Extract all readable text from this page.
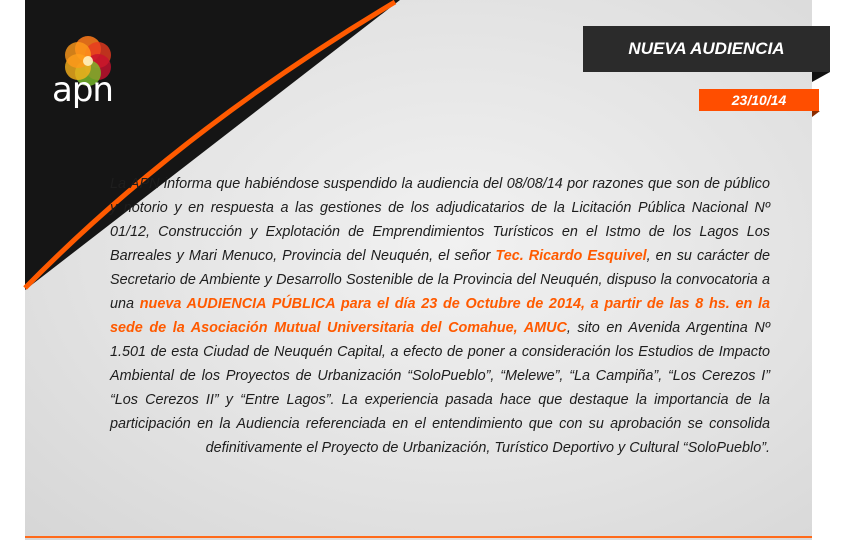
apn
NUEVA AUDIENCIA
23/10/14

La APN informa que habiéndose suspendido la audiencia del 08/08/14 por razones que son de público y notorio y en respuesta a las gestiones de los adjudicatarios de la Licitación Pública Nacional Nº 01/12, Construcción y Explotación de Emprendimientos Turísticos en el Istmo de los Lagos Los Barreales y Mari Menuco, Provincia del Neuquén, el señor Tec. Ricardo Esquivel, en su carácter de Secretario de Ambiente y Desarrollo Sostenible de la Provincia del Neuquén, dispuso la convocatoria a una nueva AUDIENCIA PÚBLICA para el día 23 de Octubre de 2014, a partir de las 8 hs. en la sede de la Asociación Mutual Universitaria del Comahue, AMUC, sito en Avenida Argentina Nº 1.501 de esta Ciudad de Neuquén Capital, a efecto de poner a consideración los Estudios de Impacto Ambiental de los Proyectos de Urbanización “SoloPueblo”, “Melewe”, “La Campiña”, “Los Cerezos I” “Los Cerezos II” y “Entre Lagos”. La experiencia pasada hace que destaque la importancia de la participación en la Audiencia referenciada en el entendimiento que con su aprobación se consolida definitivamente el Proyecto de Urbanización, Turístico Deportivo y Cultural “SoloPueblo”.
